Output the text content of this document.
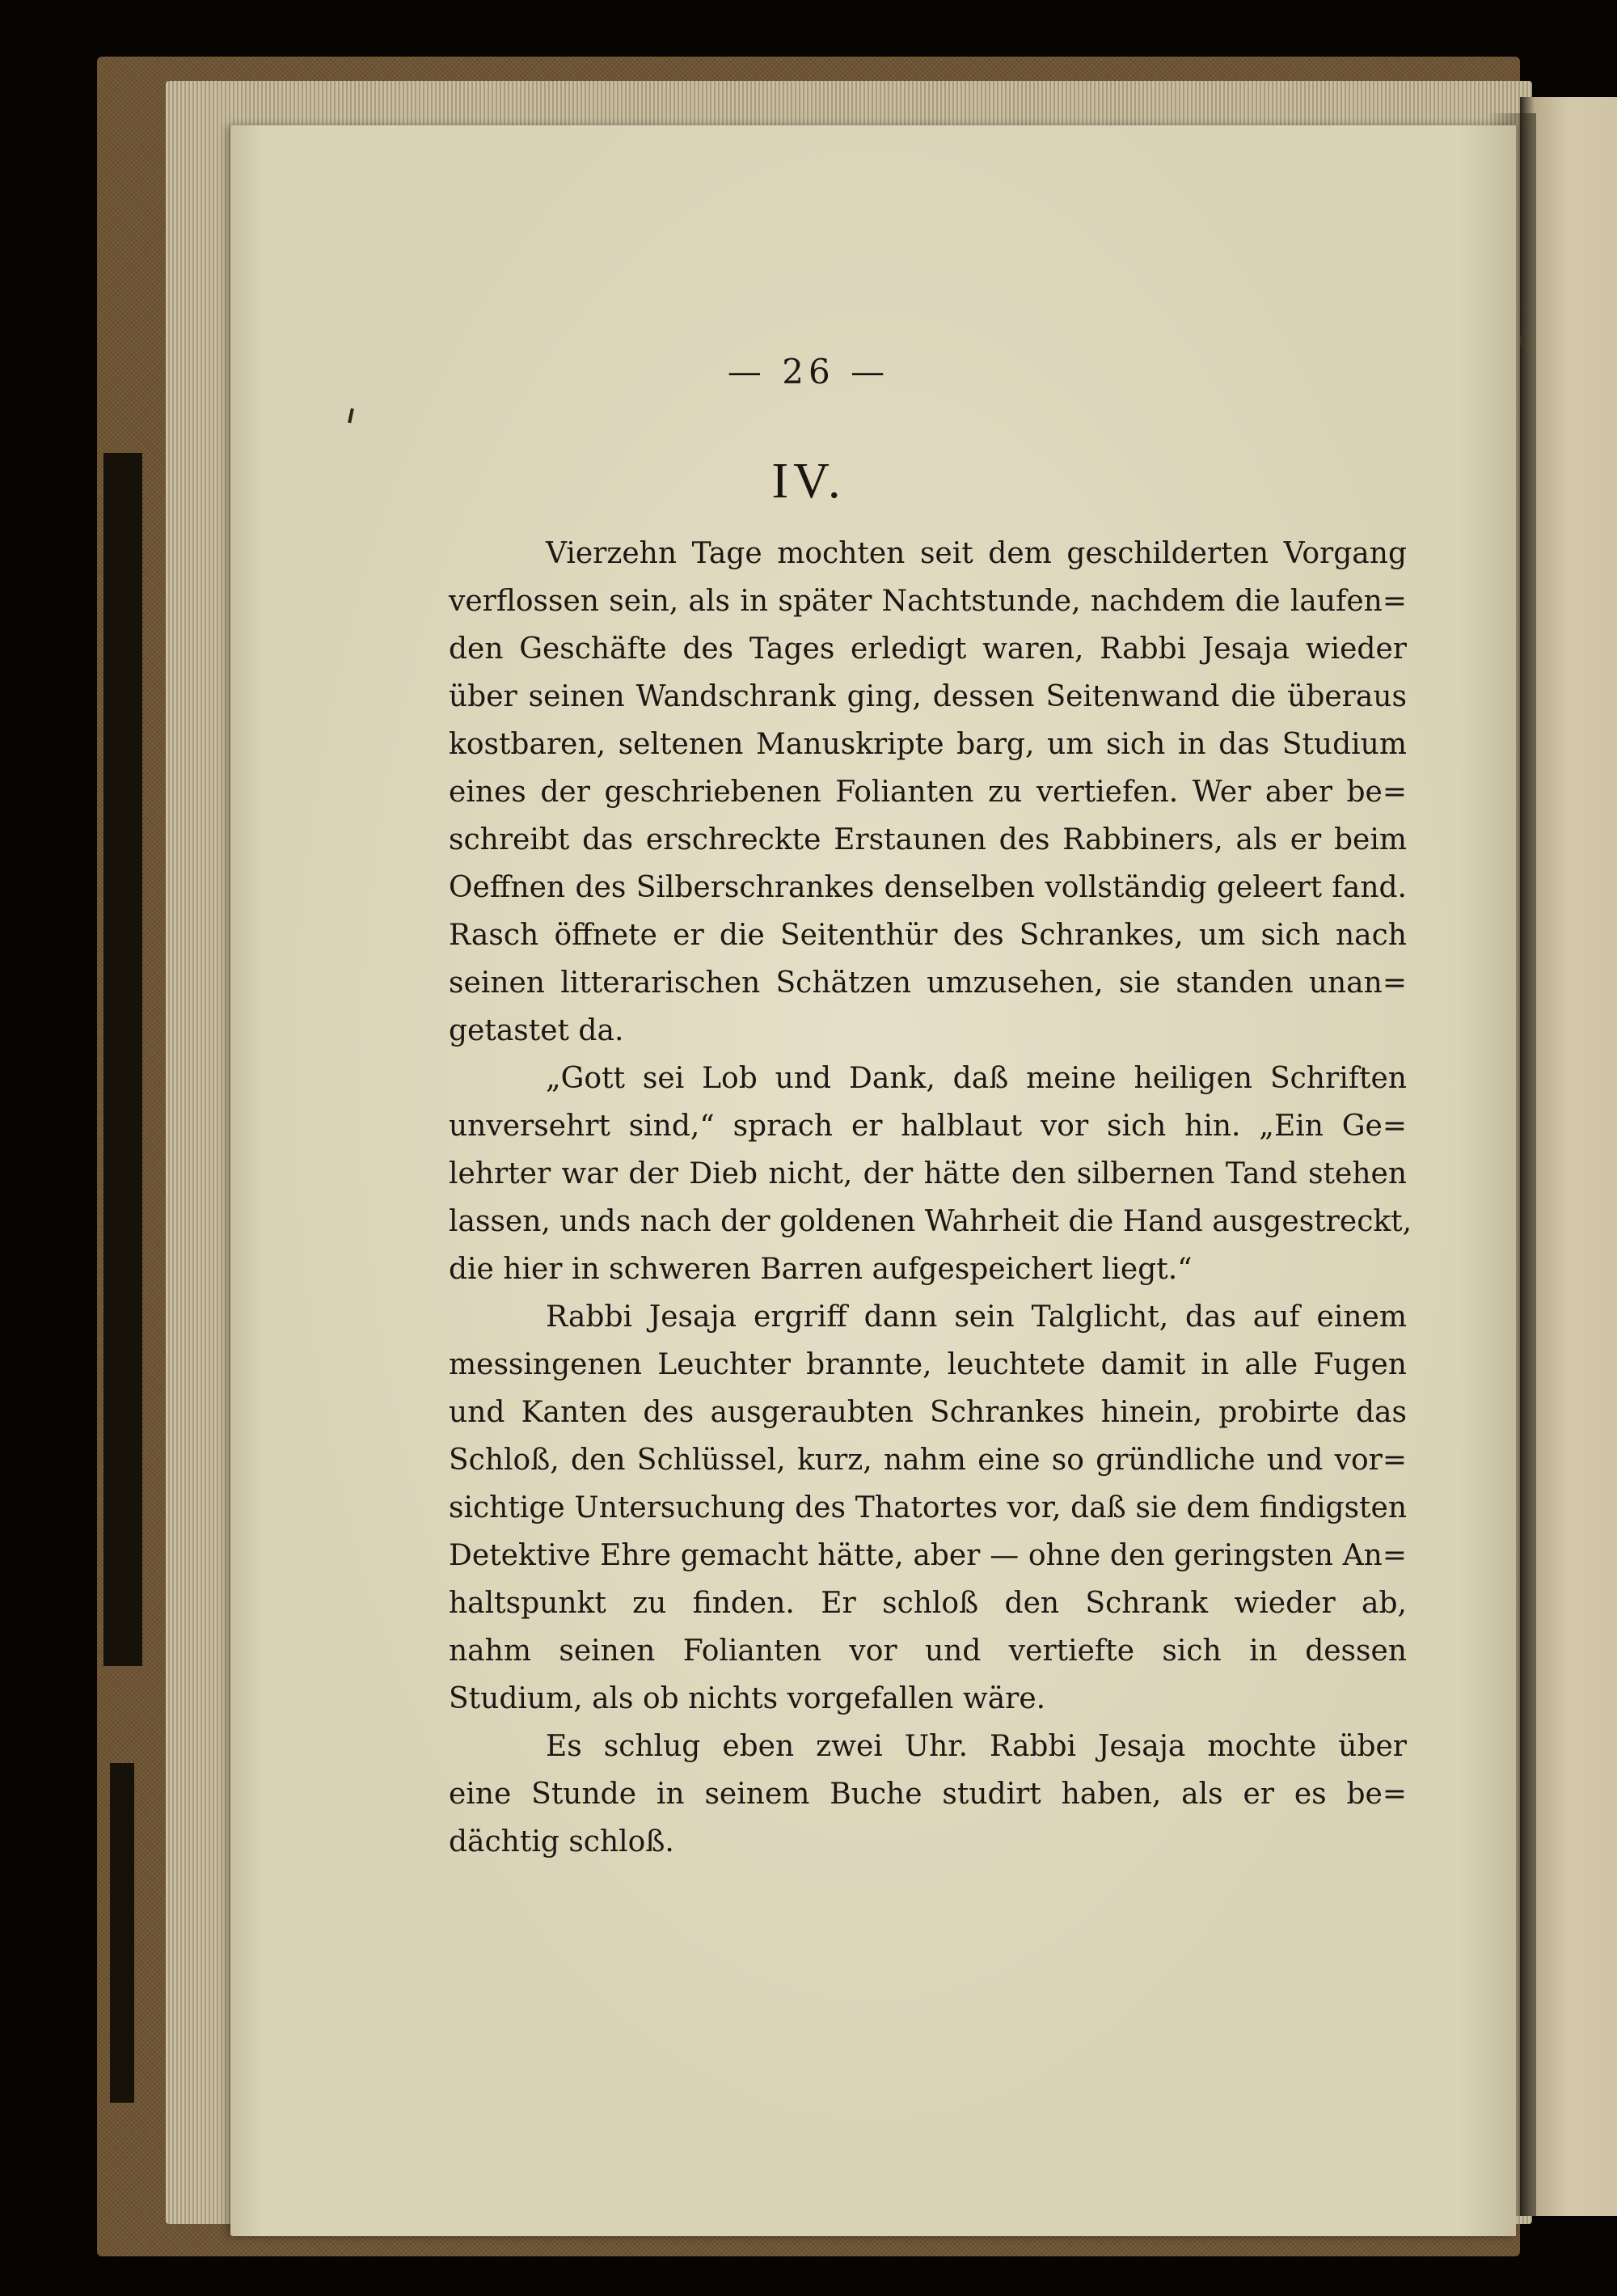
— 26 —
IV.
Vierzehn Tage mochten seit dem geschilderten Vorgang
verflossen sein, als in später Nachtstunde, nachdem die laufen=
den Geschäfte des Tages erledigt waren, Rabbi Jesaja wieder
über seinen Wandschrank ging, dessen Seitenwand die überaus
kostbaren, seltenen Manuskripte barg, um sich in das Studium
eines der geschriebenen Folianten zu vertiefen. Wer aber be=
schreibt das erschreckte Erstaunen des Rabbiners, als er beim
Oeffnen des Silberschrankes denselben vollständig geleert fand.
Rasch öffnete er die Seitenthür des Schrankes, um sich nach
seinen litterarischen Schätzen umzusehen, sie standen unan=
getastet da.
„Gott sei Lob und Dank, daß meine heiligen Schriften
unversehrt sind,“ sprach er halblaut vor sich hin. „Ein Ge=
lehrter war der Dieb nicht, der hätte den silbernen Tand stehen
lassen, unds nach der goldenen Wahrheit die Hand ausgestreckt,
die hier in schweren Barren aufgespeichert liegt.“
Rabbi Jesaja ergriff dann sein Talglicht, das auf einem
messingenen Leuchter brannte, leuchtete damit in alle Fugen
und Kanten des ausgeraubten Schrankes hinein, probirte das
Schloß, den Schlüssel, kurz, nahm eine so gründliche und vor=
sichtige Untersuchung des Thatortes vor, daß sie dem findigsten
Detektive Ehre gemacht hätte, aber — ohne den geringsten An=
haltspunkt zu finden. Er schloß den Schrank wieder ab,
nahm seinen Folianten vor und vertiefte sich in dessen
Studium, als ob nichts vorgefallen wäre.
Es schlug eben zwei Uhr. Rabbi Jesaja mochte über
eine Stunde in seinem Buche studirt haben, als er es be=
dächtig schloß.
